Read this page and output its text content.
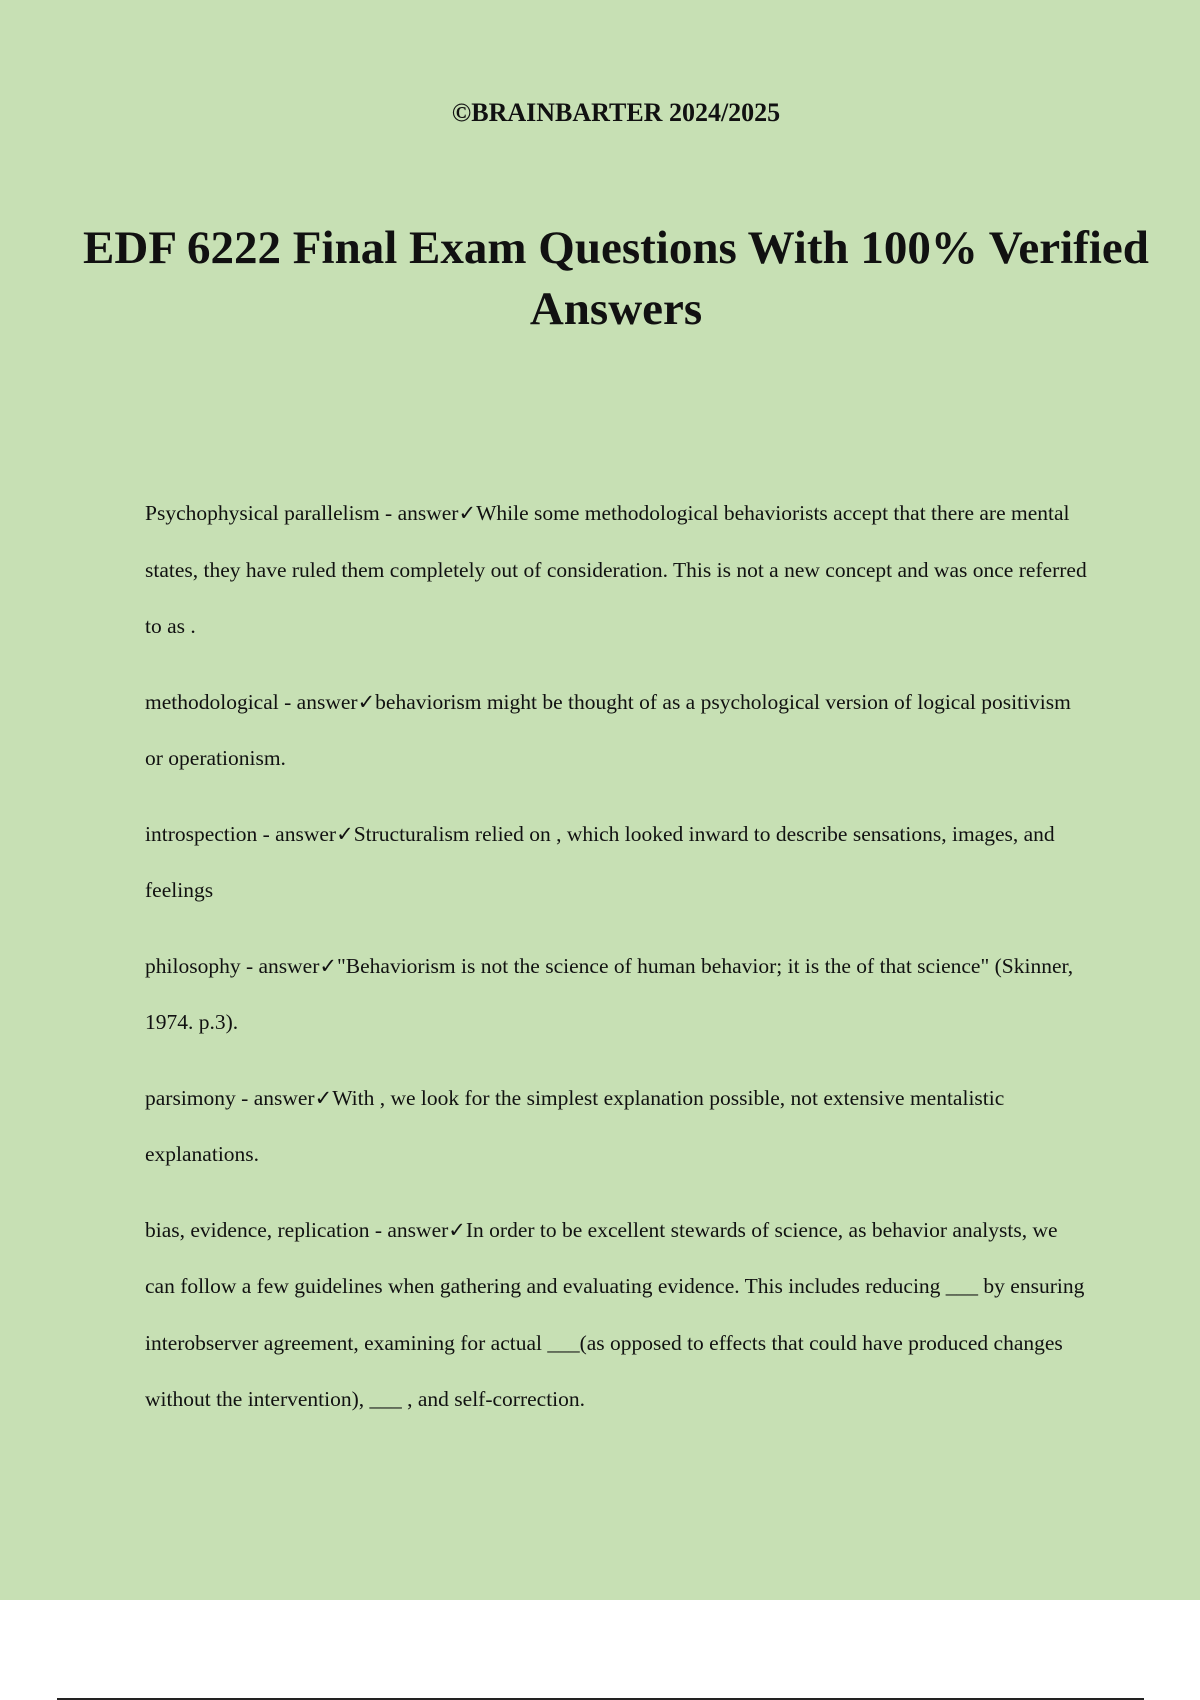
©BRAINBARTER 2024/2025
EDF 6222 Final Exam Questions With 100% Verified Answers

Psychophysical parallelism - answer✓While some methodological behaviorists accept that there are mental states, they have ruled them completely out of consideration. This is not a new concept and was once referred to as .

methodological - answer✓behaviorism might be thought of as a psychological version of logical positivism or operationism.

introspection - answer✓Structuralism relied on , which looked inward to describe sensations, images, and feelings

philosophy - answer✓"Behaviorism is not the science of human behavior; it is the of that science" (Skinner, 1974. p.3).

parsimony - answer✓With , we look for the simplest explanation possible, not extensive mentalistic explanations.

bias, evidence, replication - answer✓In order to be excellent stewards of science, as behavior analysts, we can follow a few guidelines when gathering and evaluating evidence. This includes reducing ___ by ensuring interobserver agreement, examining for actual ___(as opposed to effects that could have produced changes without the intervention), ___ , and self-correction.
